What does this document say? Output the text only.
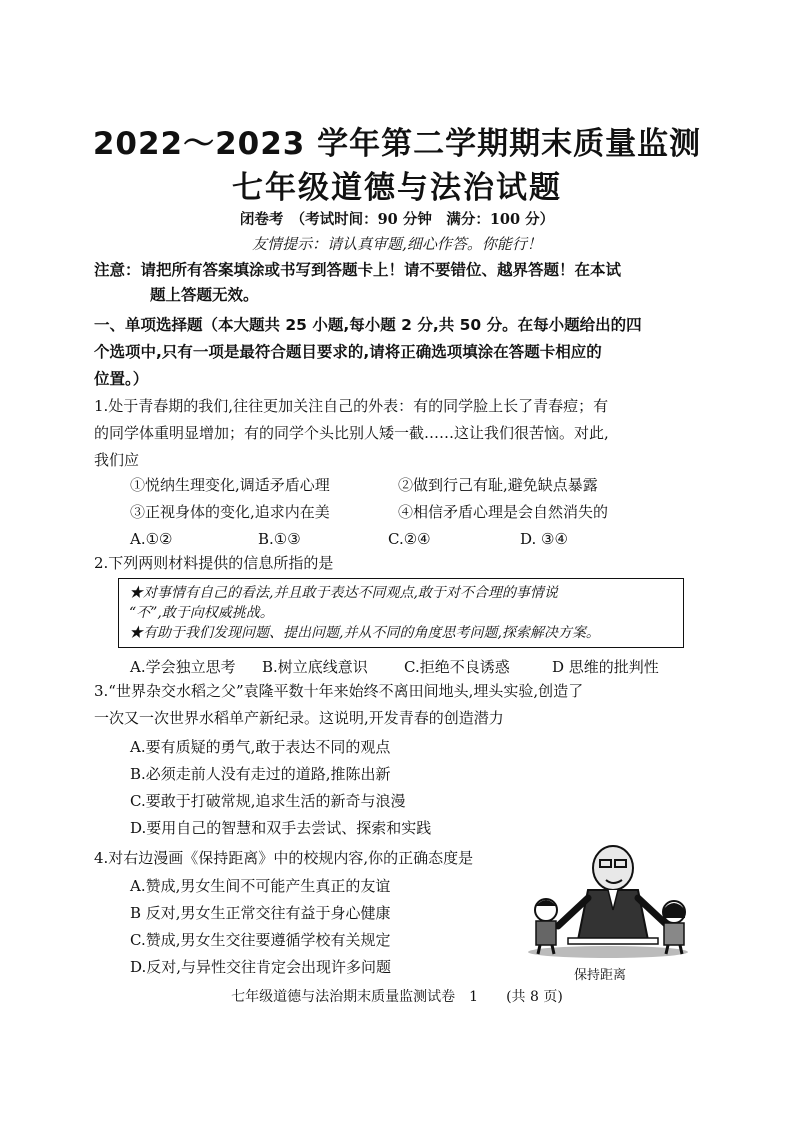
2022～2023 学年第二学期期末质量监测
七年级道德与法治试题
闭卷考　（考试时间：90 分钟　满分：100 分）
友情提示：请认真审题,细心作答。你能行！
注意：请把所有答案填涂或书写到答题卡上！请不要错位、越界答题！在本试
题上答题无效。
一、单项选择题（本大题共 25 小题,每小题 2 分,共 50 分。在每小题给出的四
个选项中,只有一项是最符合题目要求的,请将正确选项填涂在答题卡相应的
位置。）
1.处于青春期的我们,往往更加关注自己的外表：有的同学脸上长了青春痘；有
的同学体重明显增加；有的同学个头比别人矮一截……这让我们很苦恼。对此,
我们应
①悦纳生理变化,调适矛盾心理	②做到行己有耻,避免缺点暴露
③正视身体的变化,追求内在美	④相信矛盾心理是会自然消失的
A.①②	B.①③	C.②④	D. ③④
2.下列两则材料提供的信息所指的是
★对事情有自己的看法,并且敢于表达不同观点,敢于对不合理的事情说
“不”,敢于向权威挑战。
★有助于我们发现问题、提出问题,并从不同的角度思考问题,探索解决方案。
A.学会独立思考 B.树立底线意识 C.拒绝不良诱惑	D 思维的批判性
3.“世界杂交水稻之父”袁隆平数十年来始终不离田间地头,埋头实验,创造了
一次又一次世界水稻单产新纪录。这说明,开发青春的创造潜力
A.要有质疑的勇气,敢于表达不同的观点
B.必须走前人没有走过的道路,推陈出新
C.要敢于打破常规,追求生活的新奇与浪漫
D.要用自己的智慧和双手去尝试、探索和实践
4.对右边漫画《保持距离》中的校规内容,你的正确态度是
A.赞成,男女生间不可能产生真正的友谊
B 反对,男女生正常交往有益于身心健康
C.赞成,男女生交往要遵循学校有关规定
D.反对,与异性交往肯定会出现许多问题	保持距离
七年级道德与法治期末质量监测试卷　1　　(共 8 页)
